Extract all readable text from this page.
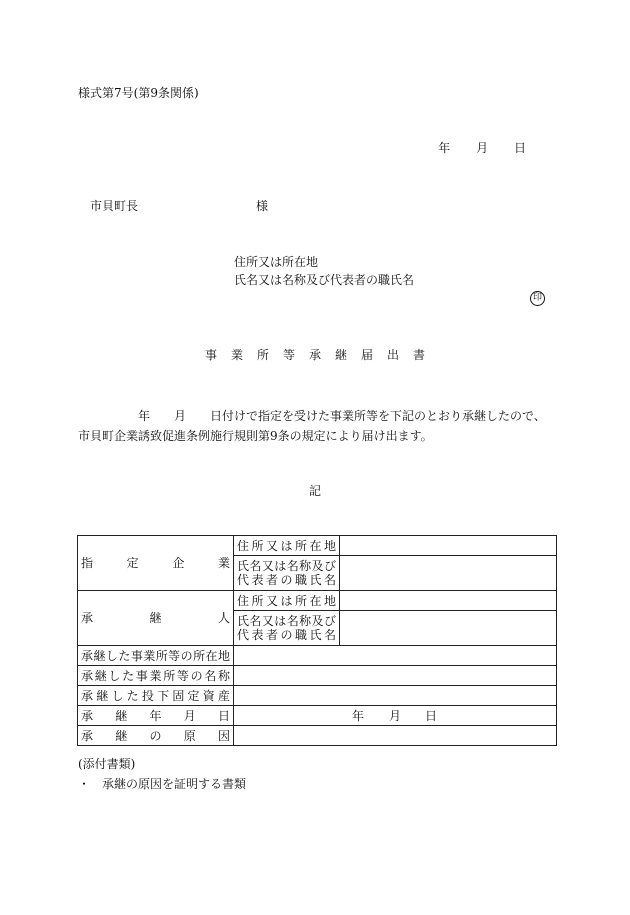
様式第7号(第9条関係)
年 月 日
市貝町長	様
住所又は所在地
氏名又は名称及び代表者の職氏名
印
事業所等承継届出書
　　　　　年　　月　　日付けで指定を受けた事業所等を下記のとおり承継したので、市貝町企業誘致促進条例施行規則第9条の規定により届け出ます。
記
指定企業	住所又は所在地	

	氏名又は名称及び
代表者の職氏名	

承継人	住所又は所在地	

	氏名又は名称及び
代表者の職氏名	

承継した事業所等の所在地		

承継した事業所等の名称		

承継した投下固定資産		

承継年月日	年 月 日	

承継の原因		

(添付書類)
・ 承継の原因を証明する書類
